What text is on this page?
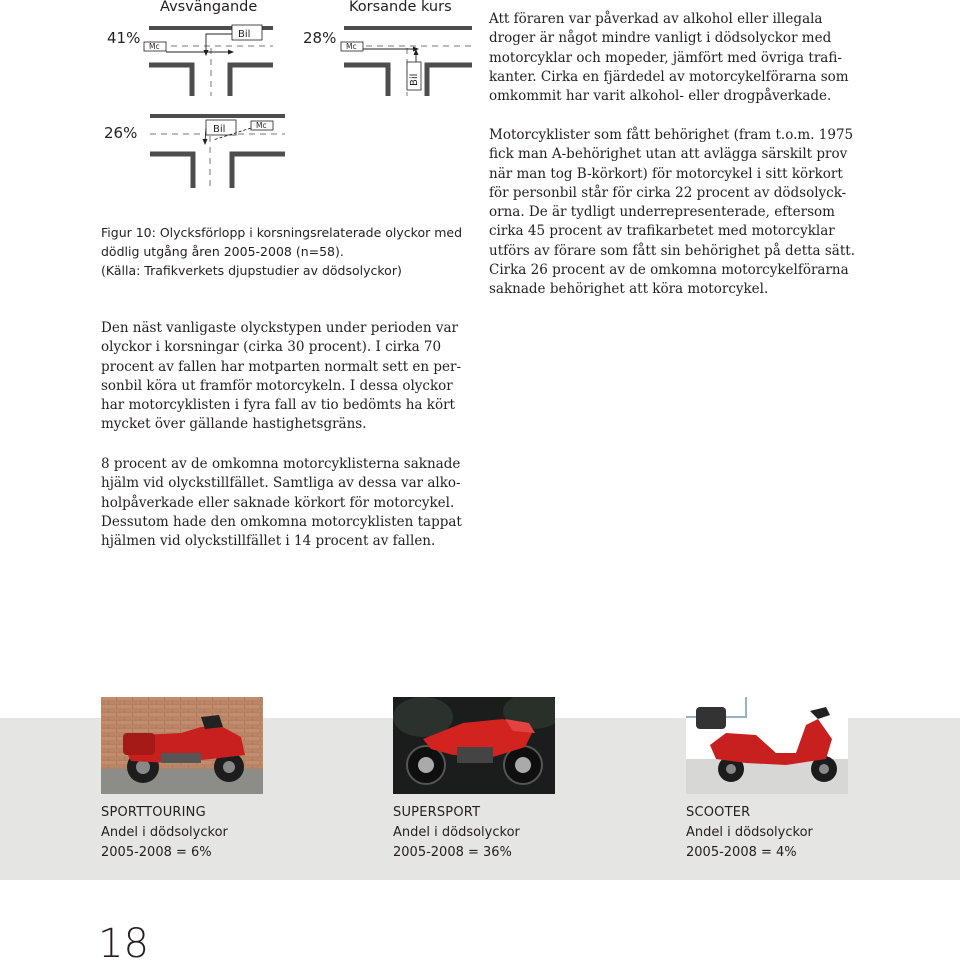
41%
Avsvängande
Mc
Bil	28%
Korsande kurs
Mc
Bil
26%	Bil	Mc
Figur 10: Olycksförlopp i korsningsrelaterade olyckor med
dödlig utgång åren 2005-2008 (n=58).
(Källa: Trafikverkets djupstudier av dödsolyckor)
Att föraren var påverkad av alkohol eller illegala
droger är något mindre vanligt i dödsolyckor med
motorcyklar och mopeder, jämfört med övriga trafi-
kanter. Cirka en fjärdedel av motorcykelförarna som
omkommit har varit alkohol- eller drogpåverkade.
Motorcyklister som fått behörighet (fram t.o.m. 1975
fick man A-behörighet utan att avlägga särskilt prov
när man tog B-körkort) för motorcykel i sitt körkort
för personbil står för cirka 22 procent av dödsolyck-
orna. De är tydligt underrepresenterade, eftersom
cirka 45 procent av trafikarbetet med motorcyklar
utförs av förare som fått sin behörighet på detta sätt.
Cirka 26 procent av de omkomna motorcykelförarna
saknade behörighet att köra motorcykel.
Den näst vanligaste olyckstypen under perioden var
olyckor i korsningar (cirka 30 procent). I cirka 70
procent av fallen har motparten normalt sett en per-
sonbil köra ut framför motorcykeln. I dessa olyckor
har motorcyklisten i fyra fall av tio bedömts ha kört
mycket över gällande hastighetsgräns.
8 procent av de omkomna motorcyklisterna saknade
hjälm vid olyckstillfället. Samtliga av dessa var alko-
holpåverkade eller saknade körkort för motorcykel.
Dessutom hade den omkomna motorcyklisten tappat
hjälmen vid olyckstillfället i 14 procent av fallen.
SPORTTOURING
Andel i dödsolyckor
2005-2008 = 6%
SUPERSPORT
Andel i dödsolyckor
2005-2008 = 36%
SCOOTER
Andel i dödsolyckor
2005-2008 = 4%
18
